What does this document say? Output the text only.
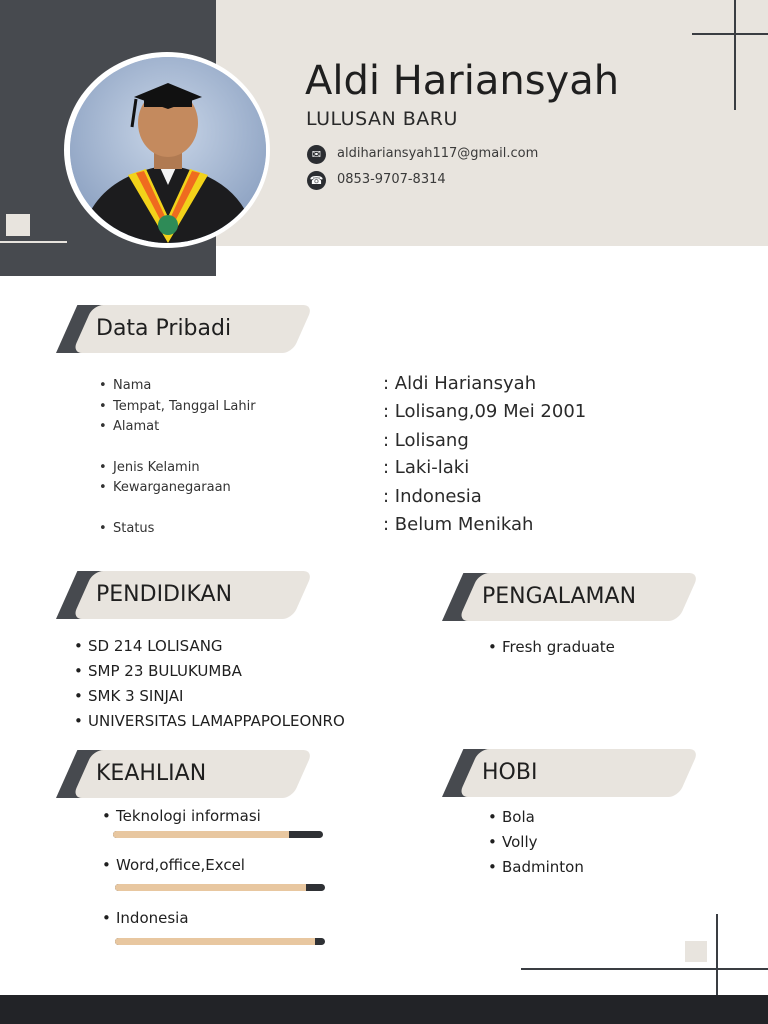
Aldi Hariansyah
LULUSAN BARU
✉	aldihariansyah117@gmail.com
☎ 0853-9707-8314
Data Pribadi
• Nama
• Tempat, Tanggal Lahir
• Alamat
• Jenis Kelamin
• Kewarganegaraan
• Status
: Aldi Hariansyah
: Lolisang,09 Mei 2001
: Lolisang
: Laki-laki
: Indonesia
: Belum Menikah
PENDIDIKAN
• SD 214 LOLISANG
• SMP 23 BULUKUMBA
• SMK 3 SINJAI
• UNIVERSITAS LAMAPPAPOLEONRO
PENGALAMAN
• Fresh graduate
KEAHLIAN
• Teknologi informasi
• Word,office,Excel
• Indonesia
HOBI
• Bola
• Volly
• Badminton
